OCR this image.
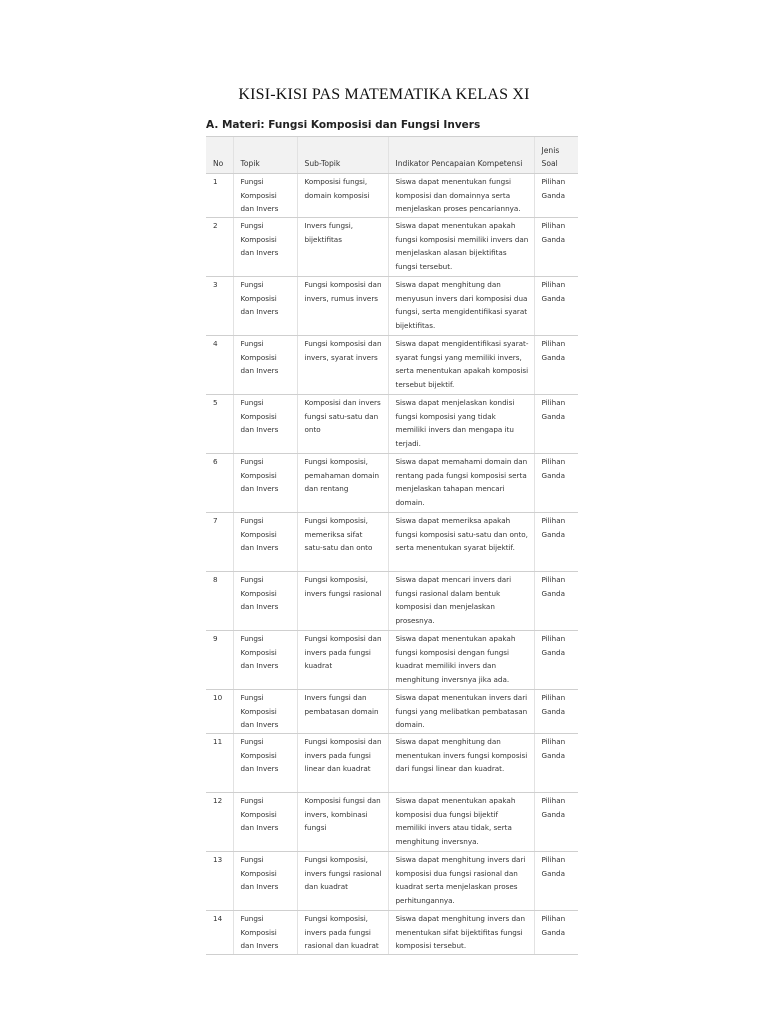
KISI-KISI PAS MATEMATIKA KELAS XI
A. Materi: Fungsi Komposisi dan Fungsi Invers
No	Topik	Sub-Topik	Indikator Pencapaian Kompetensi	Jenis Soal
1	Fungsi Komposisi dan Invers	Komposisi fungsi, domain komposisi	Siswa dapat menentukan fungsi komposisi dan domainnya serta menjelaskan proses pencariannya.	Pilihan Ganda
2	Fungsi Komposisi dan Invers	Invers fungsi, bijektifitas	Siswa dapat menentukan apakah fungsi komposisi memiliki invers dan menjelaskan alasan bijektifitas fungsi tersebut.	Pilihan Ganda
3	Fungsi Komposisi dan Invers	Fungsi komposisi dan invers, rumus invers	Siswa dapat menghitung dan menyusun invers dari komposisi dua fungsi, serta mengidentifikasi syarat bijektifitas.	Pilihan Ganda
4	Fungsi Komposisi dan Invers	Fungsi komposisi dan invers, syarat invers	Siswa dapat mengidentifikasi syarat-syarat fungsi yang memiliki invers, serta menentukan apakah komposisi tersebut bijektif.	Pilihan Ganda
5	Fungsi Komposisi dan Invers	Komposisi dan invers fungsi satu-satu dan onto	Siswa dapat menjelaskan kondisi fungsi komposisi yang tidak memiliki invers dan mengapa itu terjadi.	Pilihan Ganda
6	Fungsi Komposisi dan Invers	Fungsi komposisi, pemahaman domain dan rentang	Siswa dapat memahami domain dan rentang pada fungsi komposisi serta menjelaskan tahapan mencari domain.	Pilihan Ganda
7	Fungsi Komposisi dan Invers	Fungsi komposisi, memeriksa sifat satu-satu dan onto	Siswa dapat memeriksa apakah fungsi komposisi satu-satu dan onto, serta menentukan syarat bijektif.	Pilihan Ganda
8	Fungsi Komposisi dan Invers	Fungsi komposisi, invers fungsi rasional	Siswa dapat mencari invers dari fungsi rasional dalam bentuk komposisi dan menjelaskan prosesnya.	Pilihan Ganda
9	Fungsi Komposisi dan Invers	Fungsi komposisi dan invers pada fungsi kuadrat	Siswa dapat menentukan apakah fungsi komposisi dengan fungsi kuadrat memiliki invers dan menghitung inversnya jika ada.	Pilihan Ganda
10	Fungsi Komposisi dan Invers	Invers fungsi dan pembatasan domain	Siswa dapat menentukan invers dari fungsi yang melibatkan pembatasan domain.	Pilihan Ganda
11	Fungsi Komposisi dan Invers	Fungsi komposisi dan invers pada fungsi linear dan kuadrat	Siswa dapat menghitung dan menentukan invers fungsi komposisi dari fungsi linear dan kuadrat.	Pilihan Ganda
12	Fungsi Komposisi dan Invers	Komposisi fungsi dan invers, kombinasi fungsi	Siswa dapat menentukan apakah komposisi dua fungsi bijektif memiliki invers atau tidak, serta menghitung inversnya.	Pilihan Ganda
13	Fungsi Komposisi dan Invers	Fungsi komposisi, invers fungsi rasional dan kuadrat	Siswa dapat menghitung invers dari komposisi dua fungsi rasional dan kuadrat serta menjelaskan proses perhitungannya.	Pilihan Ganda
14	Fungsi Komposisi dan Invers	Fungsi komposisi, invers pada fungsi rasional dan kuadrat	Siswa dapat menghitung invers dan menentukan sifat bijektifitas fungsi komposisi tersebut.	Pilihan Ganda
